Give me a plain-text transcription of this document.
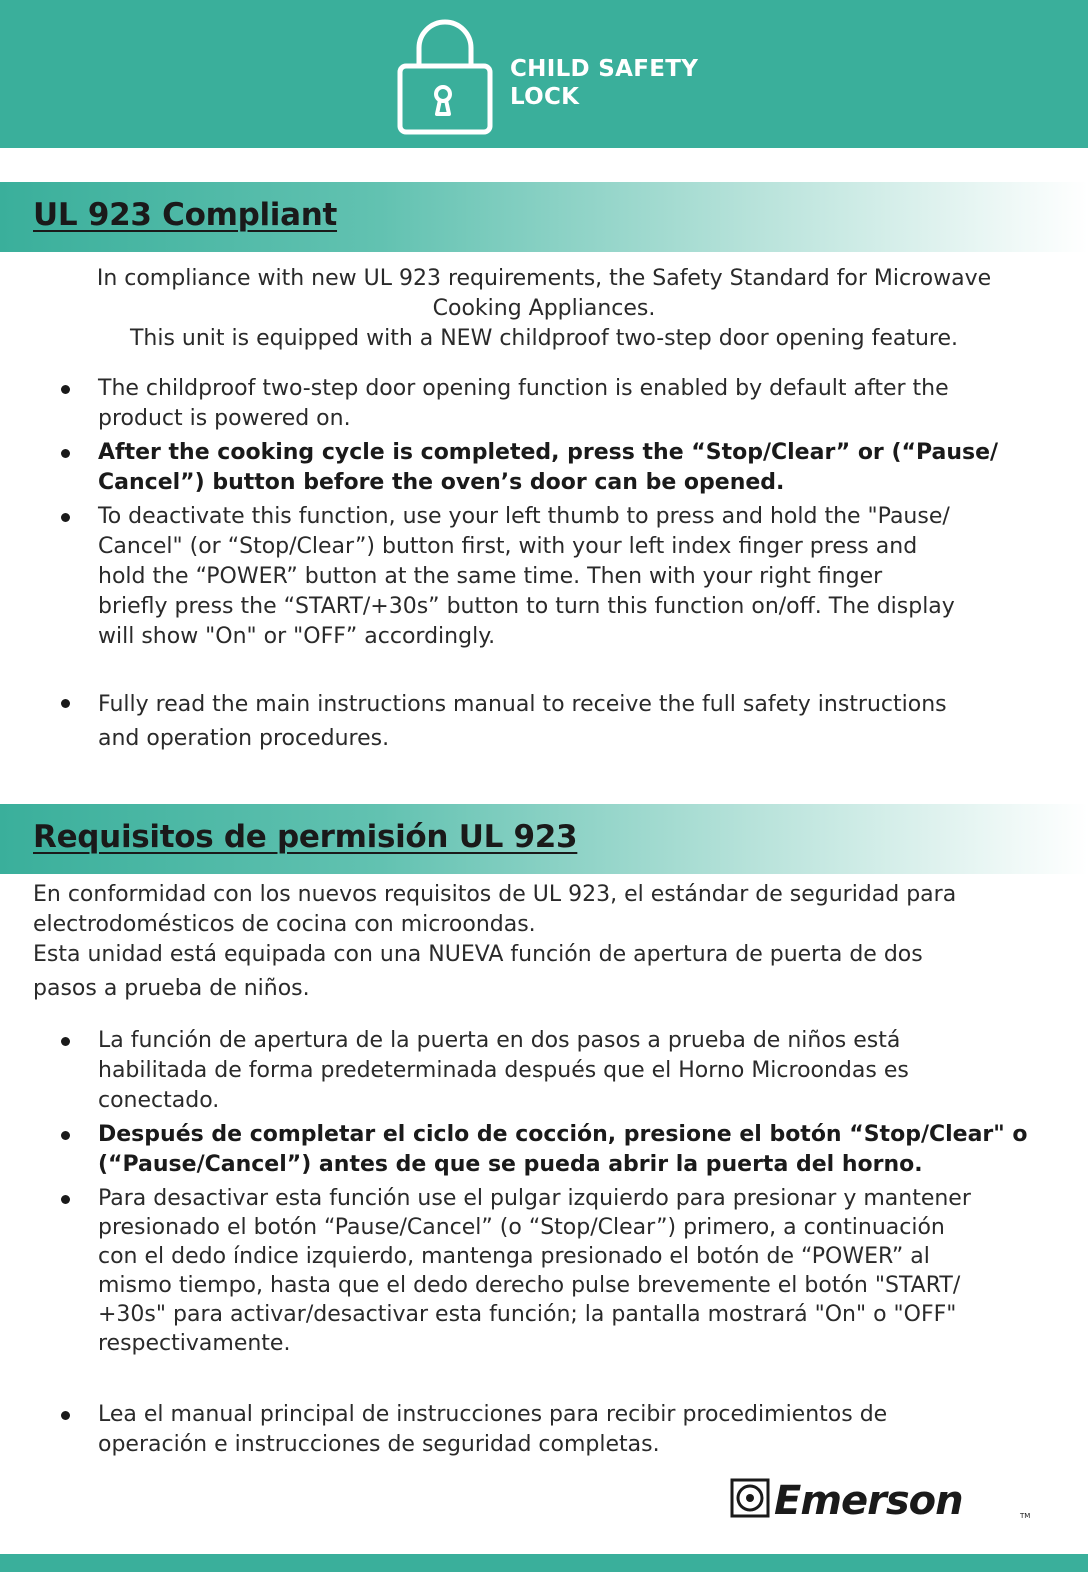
CHILD SAFETY
LOCK
UL 923 Compliant
In compliance with new UL 923 requirements, the Safety Standard for Microwave
Cooking Appliances.
This unit is equipped with a NEW childproof two-step door opening feature.
The childproof two-step door opening function is enabled by default after the
product is powered on.
After the cooking cycle is completed, press the “Stop/Clear” or (“Pause/
Cancel”) button before the oven’s door can be opened.
To deactivate this function, use your left thumb to press and hold the "Pause/
Cancel" (or “Stop/Clear”) button first, with your left index finger press and
hold the “POWER” button at the same time. Then with your right finger
briefly press the “START/+30s” button to turn this function on/off. The display
will show "On" or "OFF” accordingly.
Fully read the main instructions manual to receive the full safety instructions
and operation procedures.
Requisitos de permisión UL 923
En conformidad con los nuevos requisitos de UL 923, el estándar de seguridad para
electrodomésticos de cocina con microondas.
Esta unidad está equipada con una NUEVA función de apertura de puerta de dos
pasos a prueba de niños.
La función de apertura de la puerta en dos pasos a prueba de niños está
habilitada de forma predeterminada después que el Horno Microondas es
conectado.
Después de completar el ciclo de cocción, presione el botón “Stop/Clear" o
(“Pause/Cancel”) antes de que se pueda abrir la puerta del horno.
Para desactivar esta función use el pulgar izquierdo para presionar y mantener
presionado el botón “Pause/Cancel” (o “Stop/Clear”) primero, a continuación
con el dedo índice izquierdo, mantenga presionado el botón de “POWER” al
mismo tiempo, hasta que el dedo derecho pulse brevemente el botón "START/
+30s" para activar/desactivar esta función; la pantalla mostrará "On" o "OFF"
respectivamente.
Lea el manual principal de instrucciones para recibir procedimientos de
operación e instrucciones de seguridad completas.
Emerson	TM
